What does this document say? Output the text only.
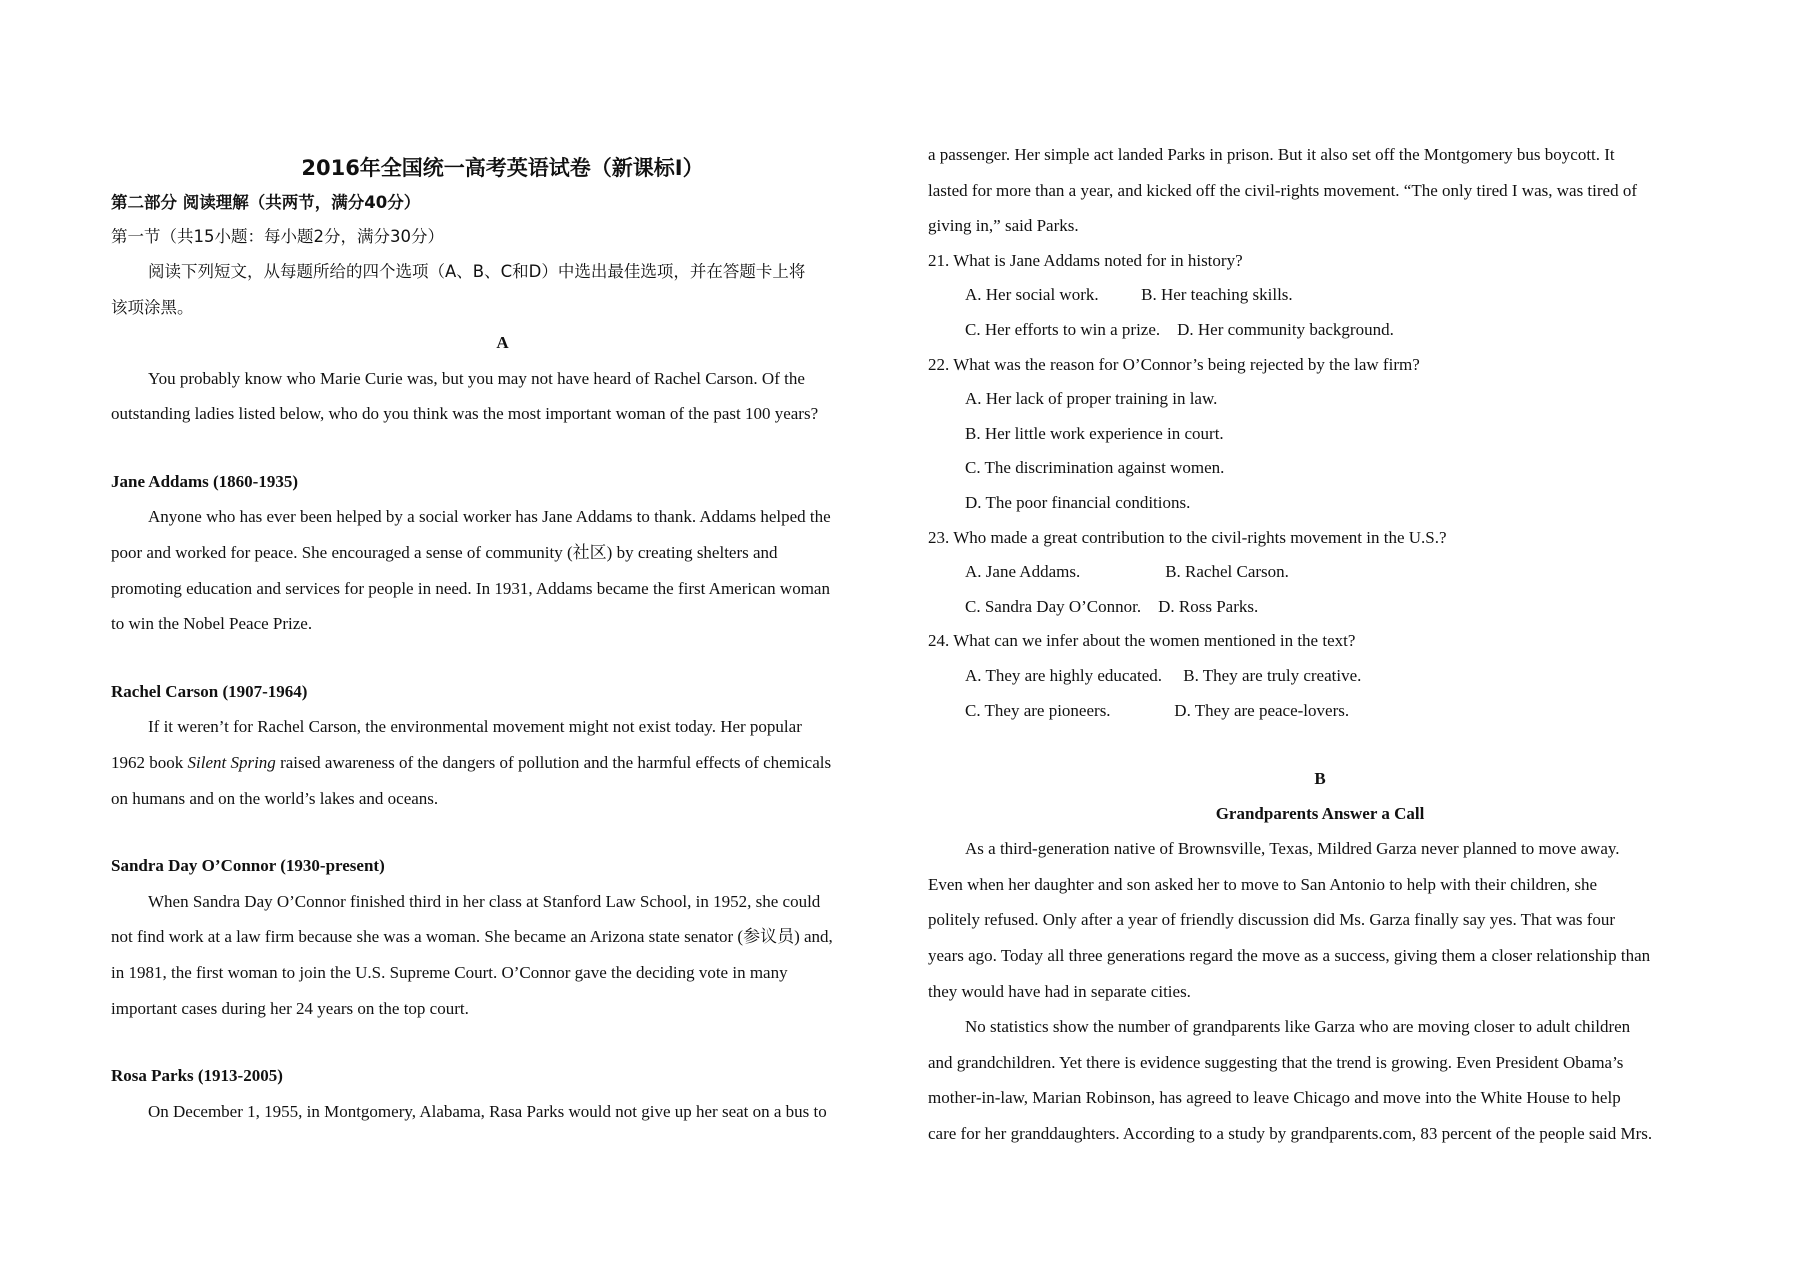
2016年全国统一高考英语试卷（新课标I）

第二部分 阅读理解（共两节，满分40分）

第一节（共15小题：每小题2分，满分30分）

阅读下列短文，从每题所给的四个选项（A、B、C和D）中选出最佳选项，并在答题卡上将

该项涂黑。

A

You probably know who Marie Curie was, but you may not have heard of Rachel Carson. Of the

outstanding ladies listed below, who do you think was the most important woman of the past 100 years?

Jane Addams (1860-1935)

Anyone who has ever been helped by a social worker has Jane Addams to thank. Addams helped the

poor and worked for peace. She encouraged a sense of community (社区) by creating shelters and

promoting education and services for people in need. In 1931, Addams became the first American woman

to win the Nobel Peace Prize.

Rachel Carson (1907-1964)

If it weren’t for Rachel Carson, the environmental movement might not exist today. Her popular

1962 book Silent Spring raised awareness of the dangers of pollution and the harmful effects of chemicals

on humans and on the world’s lakes and oceans.

Sandra Day O’Connor (1930-present)

When Sandra Day O’Connor finished third in her class at Stanford Law School, in 1952, she could

not find work at a law firm because she was a woman. She became an Arizona state senator (参议员) and,

in 1981, the first woman to join the U.S. Supreme Court. O’Connor gave the deciding vote in many

important cases during her 24 years on the top court.

Rosa Parks (1913-2005)

On December 1, 1955, in Montgomery, Alabama, Rasa Parks would not give up her seat on a bus to

a passenger. Her simple act landed Parks in prison. But it also set off the Montgomery bus boycott. It

lasted for more than a year, and kicked off the civil-rights movement. “The only tired I was, was tired of

giving in,” said Parks.

21. What is Jane Addams noted for in history?

A. Her social work.          B. Her teaching skills.

C. Her efforts to win a prize.    D. Her community background.

22. What was the reason for O’Connor’s being rejected by the law firm?

A. Her lack of proper training in law.

B. Her little work experience in court.

C. The discrimination against women.

D. The poor financial conditions.

23. Who made a great contribution to the civil-rights movement in the U.S.?

A. Jane Addams.                    B. Rachel Carson.

C. Sandra Day O’Connor.    D. Ross Parks.

24. What can we infer about the women mentioned in the text?

A. They are highly educated.     B. They are truly creative.

C. They are pioneers.               D. They are peace-lovers.

B

Grandparents Answer a Call

As a third-generation native of Brownsville, Texas, Mildred Garza never planned to move away.

Even when her daughter and son asked her to move to San Antonio to help with their children, she

politely refused. Only after a year of friendly discussion did Ms. Garza finally say yes. That was four

years ago. Today all three generations regard the move as a success, giving them a closer relationship than

they would have had in separate cities.

No statistics show the number of grandparents like Garza who are moving closer to adult children

and grandchildren. Yet there is evidence suggesting that the trend is growing. Even President Obama’s

mother-in-law, Marian Robinson, has agreed to leave Chicago and move into the White House to help

care for her granddaughters. According to a study by grandparents.com, 83 percent of the people said Mrs.
